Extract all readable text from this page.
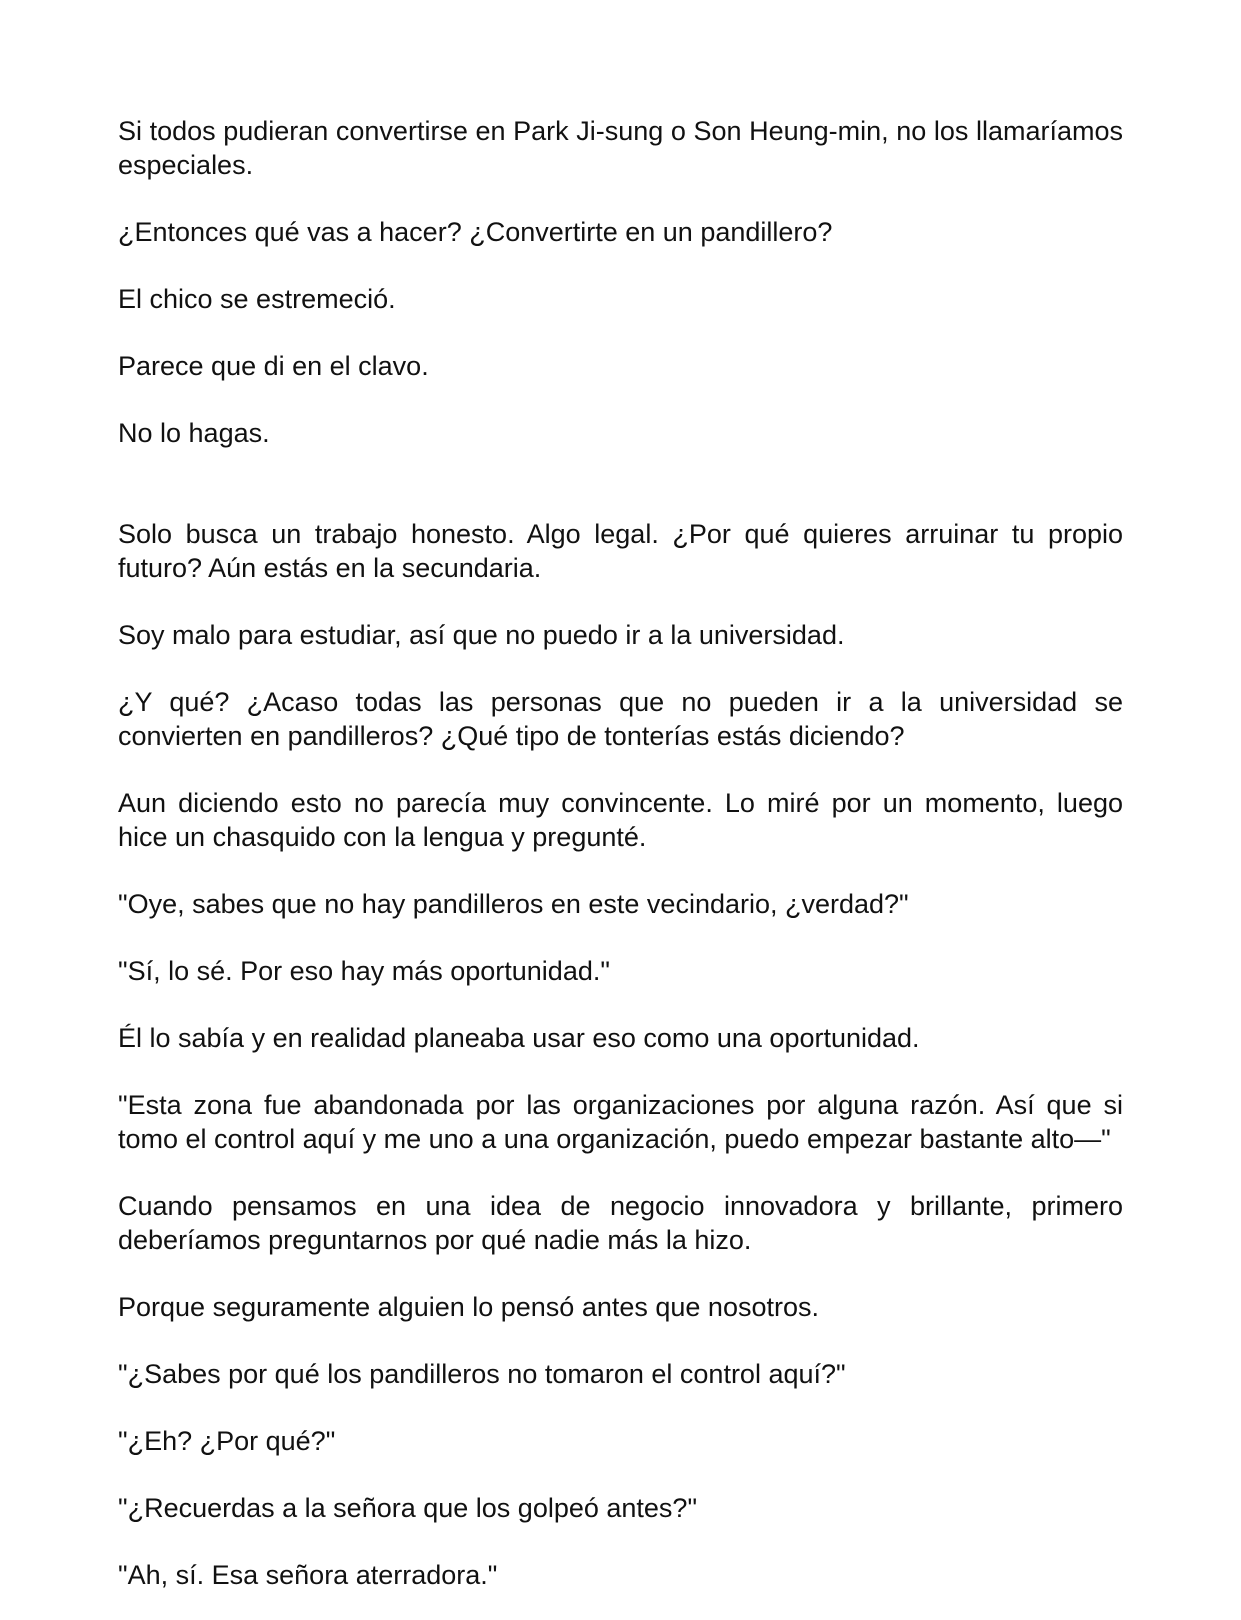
Si todos pudieran convertirse en Park Ji-sung o Son Heung-min, no los llamaríamos especiales.

¿Entonces qué vas a hacer? ¿Convertirte en un pandillero?

El chico se estremeció.

Parece que di en el clavo.

No lo hagas.

Solo busca un trabajo honesto. Algo legal. ¿Por qué quieres arruinar tu propio futuro? Aún estás en la secundaria.

Soy malo para estudiar, así que no puedo ir a la universidad.

¿Y qué? ¿Acaso todas las personas que no pueden ir a la universidad se convierten en pandilleros? ¿Qué tipo de tonterías estás diciendo?

Aun diciendo esto no parecía muy convincente. Lo miré por un momento, luego hice un chasquido con la lengua y pregunté.

"Oye, sabes que no hay pandilleros en este vecindario, ¿verdad?"

"Sí, lo sé. Por eso hay más oportunidad."

Él lo sabía y en realidad planeaba usar eso como una oportunidad.

"Esta zona fue abandonada por las organizaciones por alguna razón. Así que si tomo el control aquí y me uno a una organización, puedo empezar bastante alto—"

Cuando pensamos en una idea de negocio innovadora y brillante, primero deberíamos preguntarnos por qué nadie más la hizo.

Porque seguramente alguien lo pensó antes que nosotros.

"¿Sabes por qué los pandilleros no tomaron el control aquí?"

"¿Eh? ¿Por qué?"

"¿Recuerdas a la señora que los golpeó antes?"

"Ah, sí. Esa señora aterradora."
